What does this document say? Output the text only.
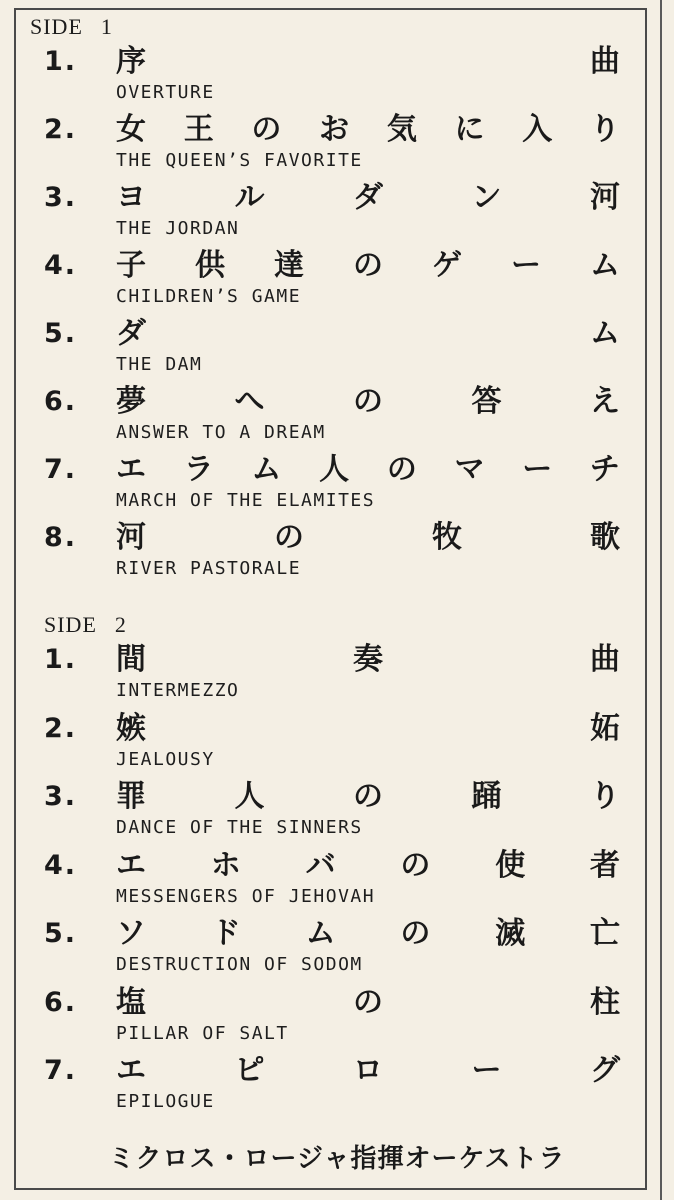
SIDE 1
1. 序	曲
OVERTURE
2. 女 王 の お 気 に 入 り
THE QUEEN’S FAVORITE
3. ヨ	ル	ダ	ン	河
THE JORDAN
4. 子 供 達 の ゲ ー ム
CHILDREN’S GAME
5. ダ	ム
THE DAM
6. 夢	へ	の	答	え
ANSWER TO A DREAM
7. エ ラ ム 人 の マ ー チ
MARCH OF THE ELAMITES
8. 河	の	牧	歌
RIVER PASTORALE
SIDE 2
1. 間	奏	曲
INTERMEZZO
2. 嫉	妬
JEALOUSY
3. 罪	人	の	踊	り
DANCE OF THE SINNERS
4. エ ホ バ の 使 者
MESSENGERS OF JEHOVAH
5. ソ ド ム の 滅 亡
DESTRUCTION OF SODOM
6. 塩	の	柱
PILLAR OF SALT
7. エ	ピ	ロ	ー	グ
EPILOGUE
ミクロス・ロージャ指揮オーケストラ
